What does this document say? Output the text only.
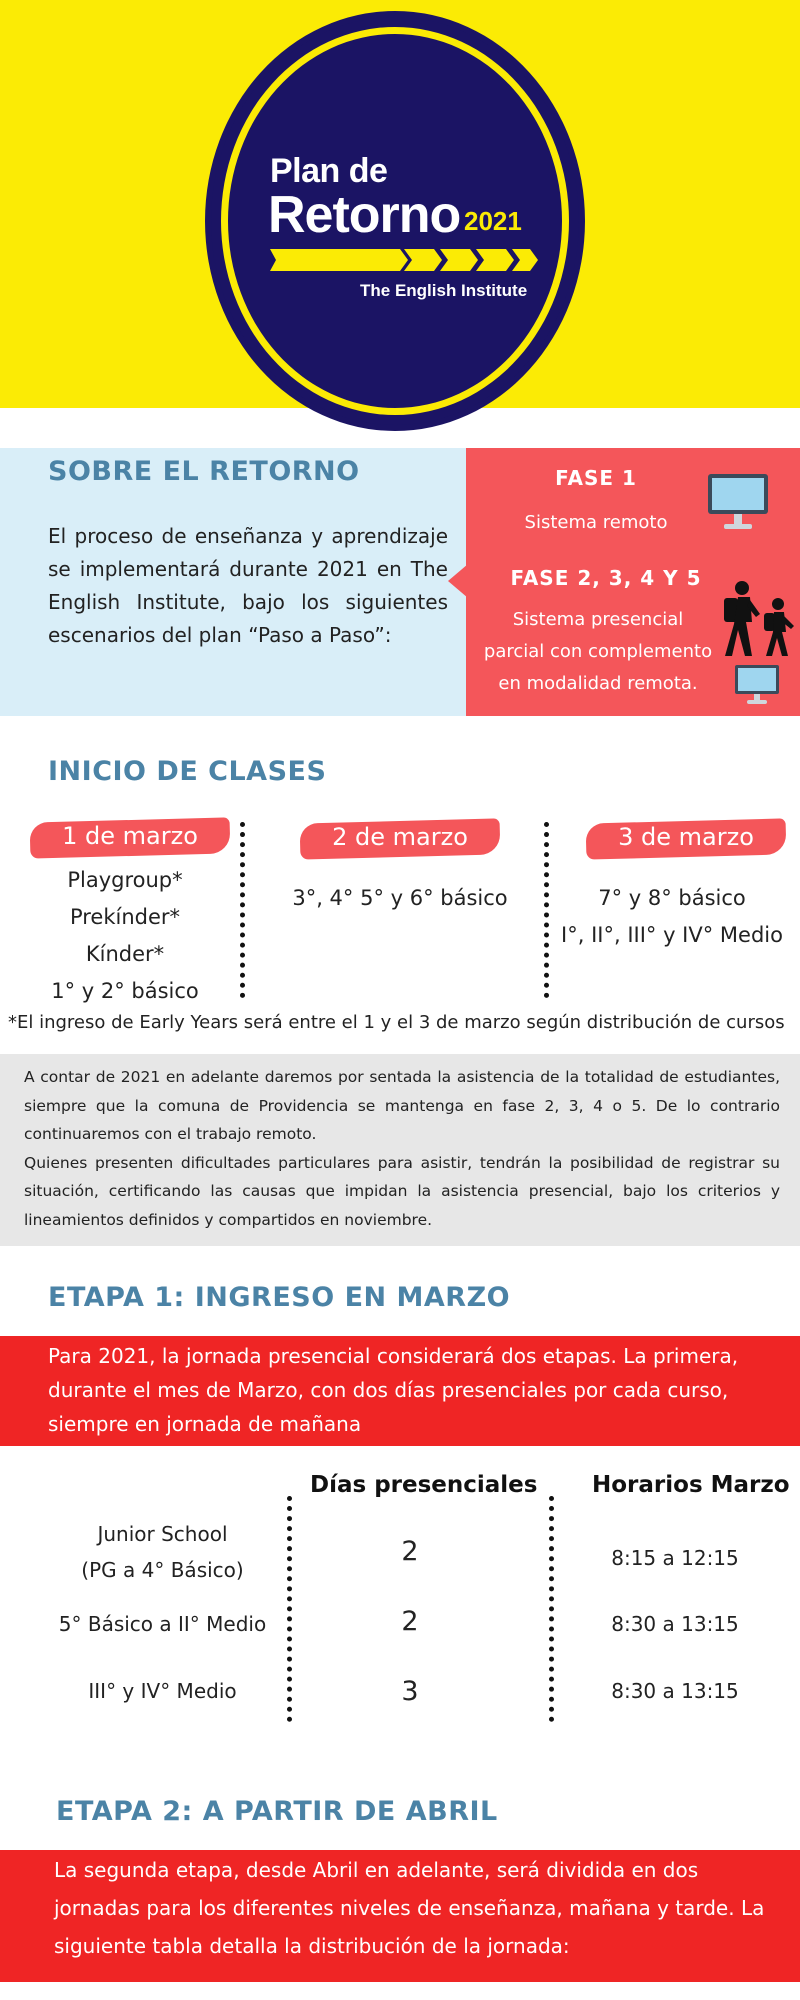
Plan de
Retorno 2021
The English Institute
SOBRE EL RETORNO
El proceso de enseñanza y aprendizaje se implementará durante 2021 en The English Institute, bajo los siguientes escenarios del plan “Paso a Paso”:
FASE 1
Sistema remoto
FASE 2, 3, 4 Y 5
Sistema presencial
parcial con complemento
en modalidad remota.
INICIO DE CLASES
1 de marzo
Playgroup*
Prekínder*
Kínder*
1° y 2° básico
2 de marzo
3°, 4° 5° y 6° básico
3 de marzo
7° y 8° básico
I°, II°, III° y IV° Medio
*El ingreso de Early Years será entre el 1 y el 3 de marzo según distribución de cursos
A contar de 2021 en adelante daremos por sentada la asistencia de la totalidad de estudiantes, siempre que la comuna de Providencia se mantenga en fase 2, 3, 4 o 5. De lo contrario continuaremos con el trabajo remoto.
Quienes presenten dificultades particulares para asistir, tendrán la posibilidad de registrar su situación, certificando las causas que impidan la asistencia presencial, bajo los criterios y lineamientos definidos y compartidos en noviembre.
ETAPA 1: INGRESO EN MARZO
Para 2021, la jornada presencial considerará dos etapas. La primera, durante el mes de Marzo, con dos días presenciales por cada curso, siempre en jornada de mañana
Días presenciales Horarios Marzo
Junior School
(PG a 4° Básico)
2	8:15 a 12:15
5° Básico a II° Medio	2	8:30 a 13:15
III° y IV° Medio	3	8:30 a 13:15
ETAPA 2: A PARTIR DE ABRIL
La segunda etapa, desde Abril en adelante, será dividida en dos jornadas para los diferentes niveles de enseñanza, mañana y tarde. La siguiente tabla detalla la distribución de la jornada:
